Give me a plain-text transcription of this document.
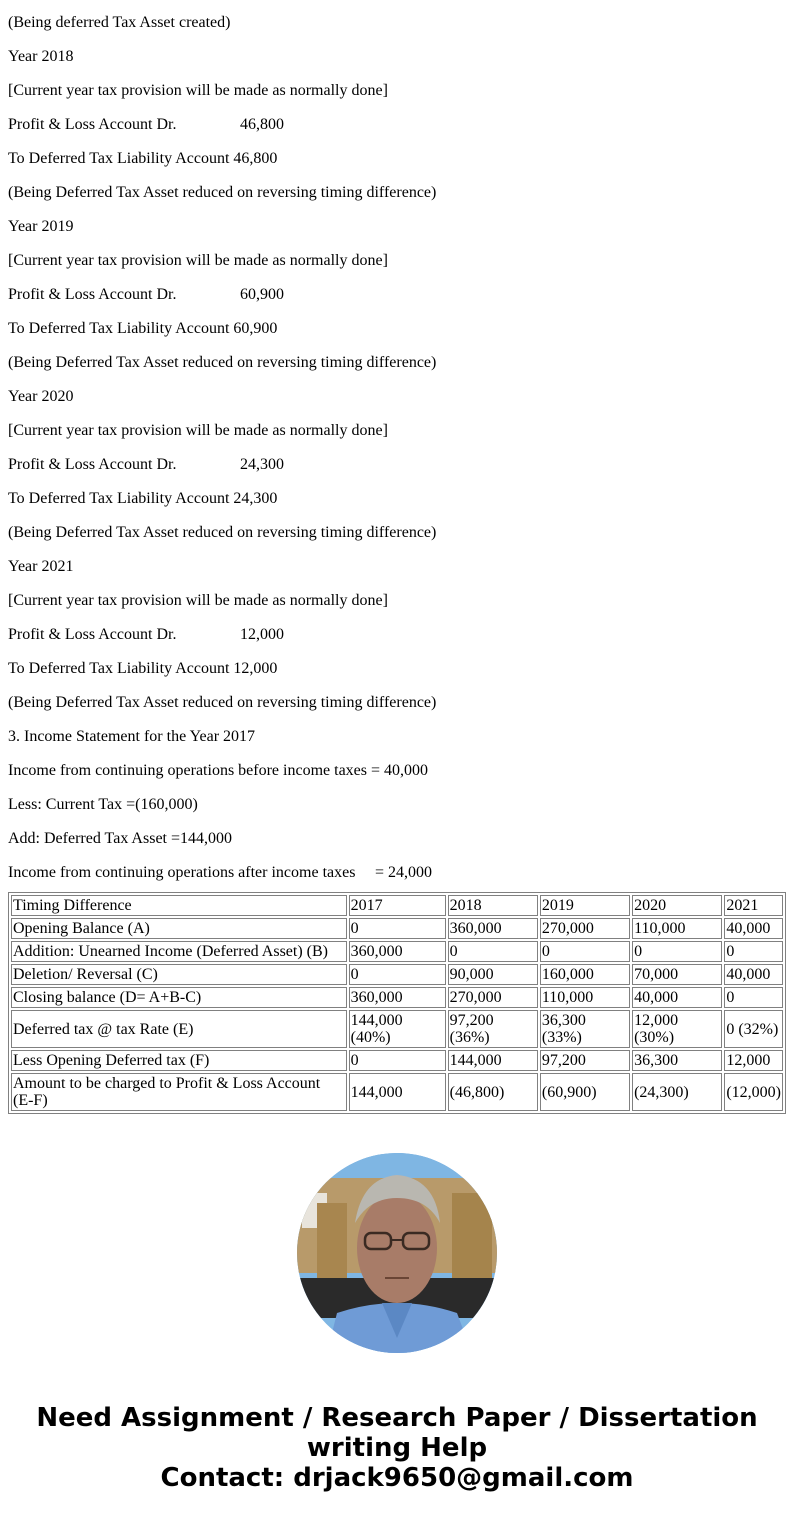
(Being deferred Tax Asset created)

Year 2018

[Current year tax provision will be made as normally done]

Profit & Loss Account Dr.	46,800

To Deferred Tax Liability Account 46,800

(Being Deferred Tax Asset reduced on reversing timing difference)

Year 2019

[Current year tax provision will be made as normally done]

Profit & Loss Account Dr.	60,900

To Deferred Tax Liability Account 60,900

(Being Deferred Tax Asset reduced on reversing timing difference)

Year 2020

[Current year tax provision will be made as normally done]

Profit & Loss Account Dr.	24,300

To Deferred Tax Liability Account 24,300

(Being Deferred Tax Asset reduced on reversing timing difference)

Year 2021

[Current year tax provision will be made as normally done]

Profit & Loss Account Dr.	12,000

To Deferred Tax Liability Account 12,000

(Being Deferred Tax Asset reduced on reversing timing difference)

3. Income Statement for the Year 2017

Income from continuing operations before income taxes = 40,000

Less: Current Tax =(160,000)

Add: Deferred Tax Asset =144,000

Income from continuing operations after income taxes = 24,000

Timing Difference	2017	2018	2019	2020	2021
Opening Balance (A)	0	360,000	270,000	110,000	40,000
Addition: Unearned Income (Deferred Asset) (B)	360,000	0	0	0	0
Deletion/ Reversal (C)	0	90,000	160,000	70,000	40,000
Closing balance (D= A+B-C)	360,000	270,000	110,000	40,000	0
Deferred tax @ tax Rate (E)	144,000 (40%)	97,200 (36%)	36,300 (33%)	12,000 (30%)	0 (32%)
Less Opening Deferred tax (F)	0	144,000	97,200	36,300	12,000
Amount to be charged to Profit & Loss Account (E-F)	144,000	(46,800)	(60,900)	(24,300)	(12,000)
Need Assignment / Research Paper / Dissertation
writing Help
Contact: drjack9650@gmail.com
